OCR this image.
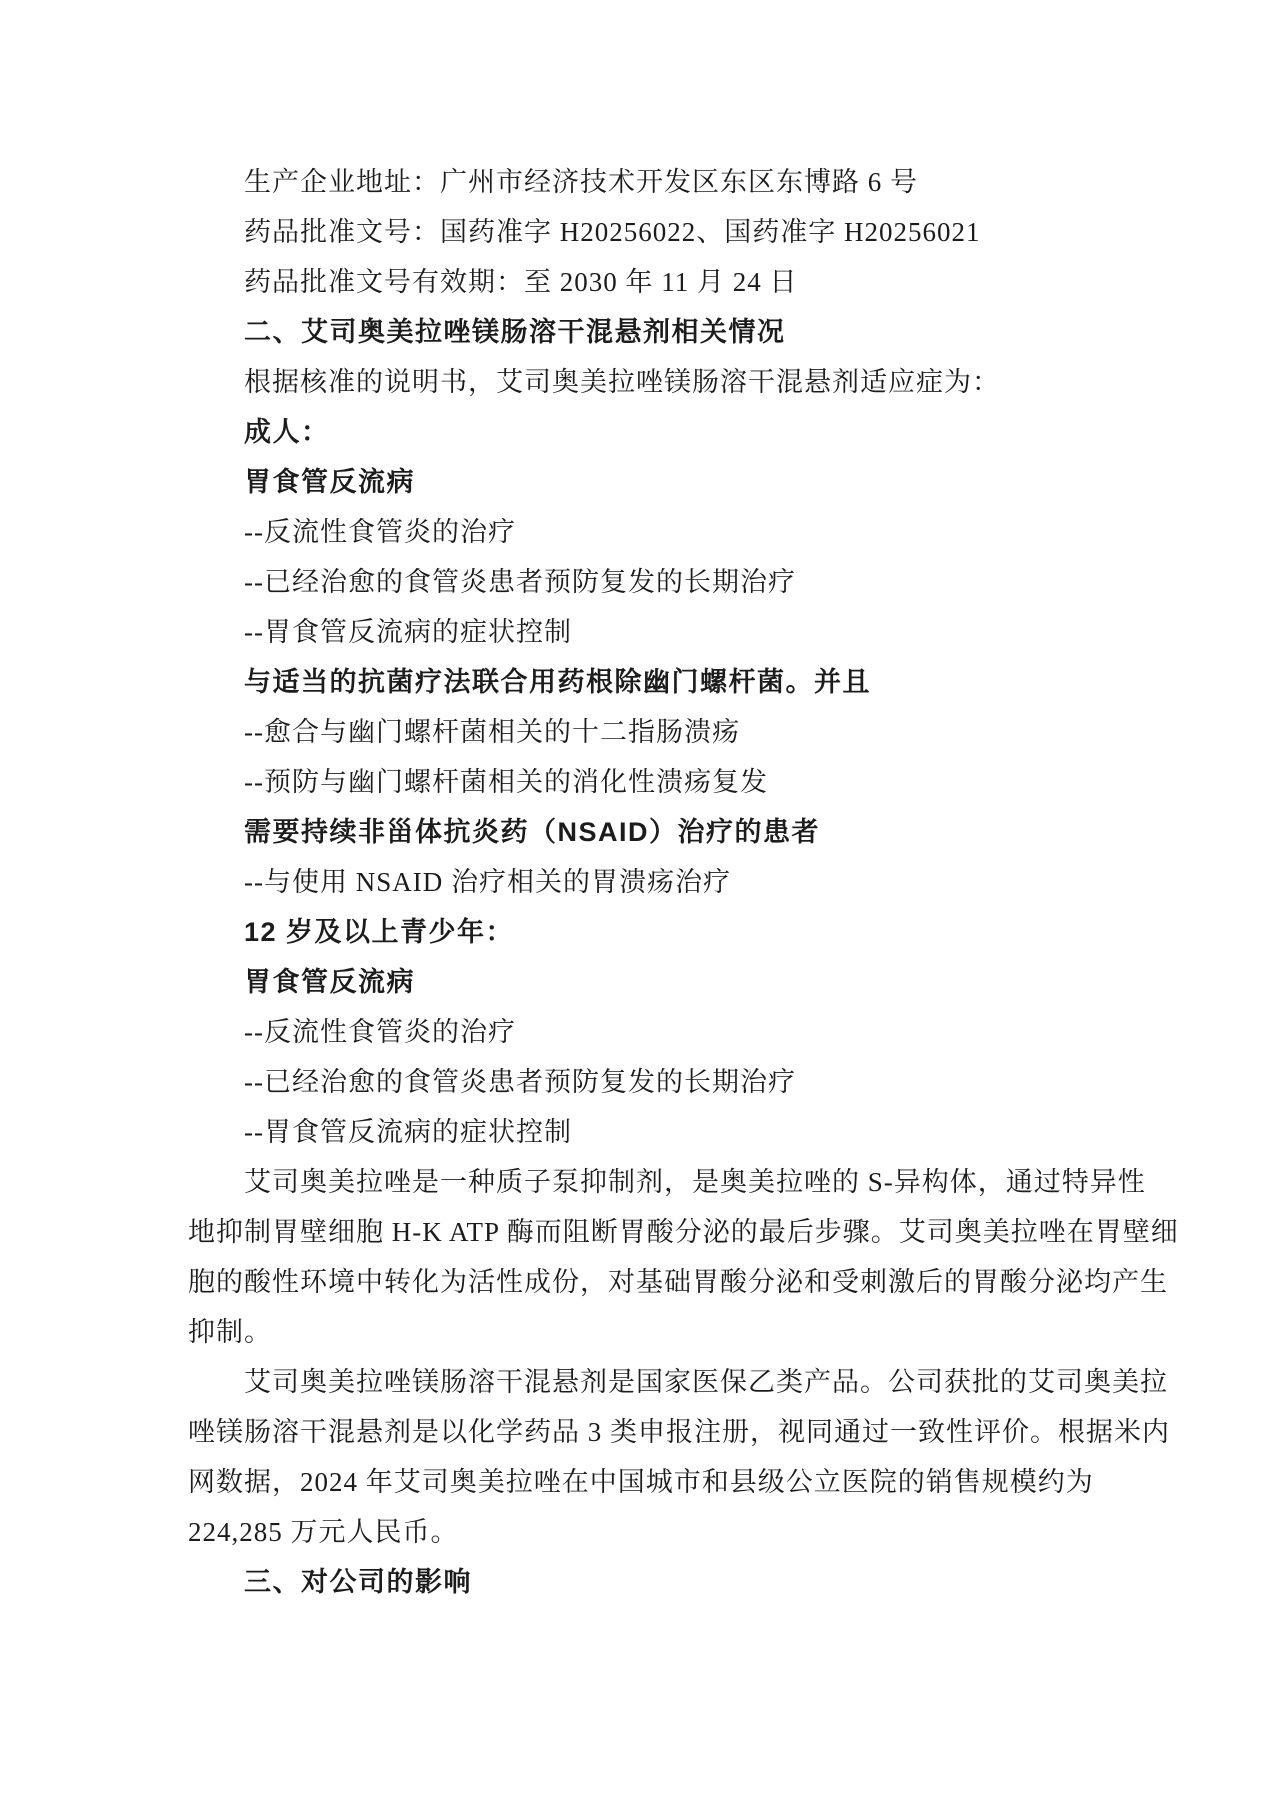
生产企业地址：广州市经济技术开发区东区东博路 6 号
药品批准文号：国药准字 H20256022、国药准字 H20256021
药品批准文号有效期：至 2030 年 11 月 24 日
二、艾司奥美拉唑镁肠溶干混悬剂相关情况
根据核准的说明书，艾司奥美拉唑镁肠溶干混悬剂适应症为：
成人：
胃食管反流病
--反流性食管炎的治疗
--已经治愈的食管炎患者预防复发的长期治疗
--胃食管反流病的症状控制
与适当的抗菌疗法联合用药根除幽门螺杆菌。并且
--愈合与幽门螺杆菌相关的十二指肠溃疡
--预防与幽门螺杆菌相关的消化性溃疡复发
需要持续非甾体抗炎药（NSAID）治疗的患者
--与使用 NSAID 治疗相关的胃溃疡治疗
12 岁及以上青少年：
胃食管反流病
--反流性食管炎的治疗
--已经治愈的食管炎患者预防复发的长期治疗
--胃食管反流病的症状控制
艾司奥美拉唑是一种质子泵抑制剂，是奥美拉唑的 S-异构体，通过特异性
地抑制胃壁细胞 H-K ATP 酶而阻断胃酸分泌的最后步骤。艾司奥美拉唑在胃壁细
胞的酸性环境中转化为活性成份，对基础胃酸分泌和受刺激后的胃酸分泌均产生
抑制。
艾司奥美拉唑镁肠溶干混悬剂是国家医保乙类产品。公司获批的艾司奥美拉
唑镁肠溶干混悬剂是以化学药品 3 类申报注册，视同通过一致性评价。根据米内
网数据，2024 年艾司奥美拉唑在中国城市和县级公立医院的销售规模约为
224,285 万元人民币。
三、对公司的影响
